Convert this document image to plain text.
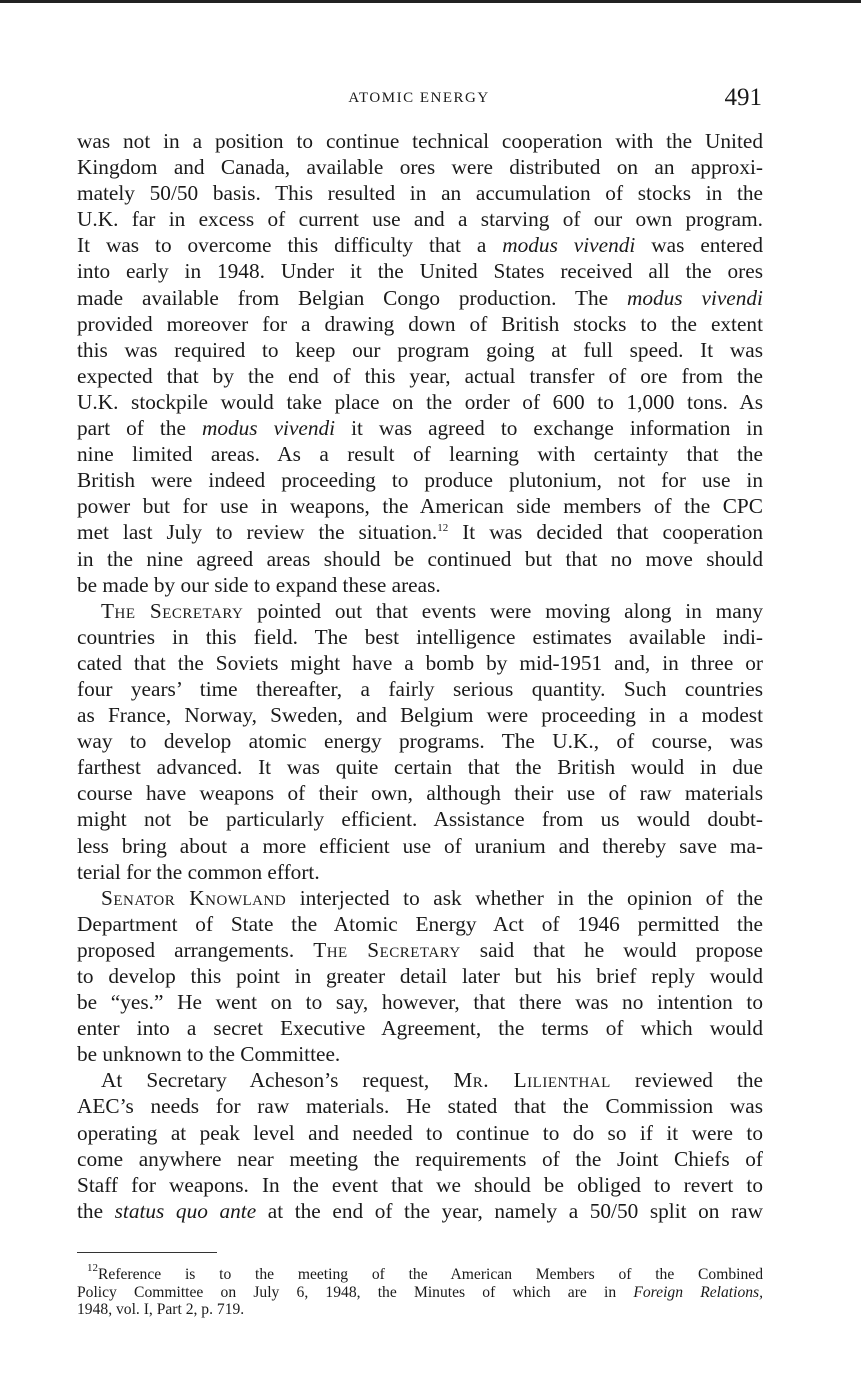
ATOMIC ENERGY	491

was not in a position to continue technical cooperation with the United
Kingdom and Canada, available ores were distributed on an approxi-
mately 50/50 basis. This resulted in an accumulation of stocks in the
U.K. far in excess of current use and a starving of our own program.
It was to overcome this difficulty that a modus vivendi was entered
into early in 1948. Under it the United States received all the ores
made available from Belgian Congo production. The modus vivendi
provided moreover for a drawing down of British stocks to the extent
this was required to keep our program going at full speed. It was
expected that by the end of this year, actual transfer of ore from the
U.K. stockpile would take place on the order of 600 to 1,000 tons. As
part of the modus vivendi it was agreed to exchange information in
nine limited areas. As a result of learning with certainty that the
British were indeed proceeding to produce plutonium, not for use in
power but for use in weapons, the American side members of the CPC
met last July to review the situation.$^{12}$ It was decided that cooperation
in the nine agreed areas should be continued but that no move should
be made by our side to expand these areas.

The Secretary pointed out that events were moving along in many
countries in this field. The best intelligence estimates available indi-
cated that the Soviets might have a bomb by mid-1951 and, in three or
four years’ time thereafter, a fairly serious quantity. Such countries
as France, Norway, Sweden, and Belgium were proceeding in a modest
way to develop atomic energy programs. The U.K., of course, was
farthest advanced. It was quite certain that the British would in due
course have weapons of their own, although their use of raw materials
might not be particularly efficient. Assistance from us would doubt-
less bring about a more efficient use of uranium and thereby save ma-
terial for the common effort.

Senator Knowland interjected to ask whether in the opinion of the
Department of State the Atomic Energy Act of 1946 permitted the
proposed arrangements. The Secretary said that he would propose
to develop this point in greater detail later but his brief reply would
be “yes.” He went on to say, however, that there was no intention to
enter into a secret Executive Agreement, the terms of which would
be unknown to the Committee.

At Secretary Acheson’s request, Mr. Lilienthal reviewed the
AEC’s needs for raw materials. He stated that the Commission was
operating at peak level and needed to continue to do so if it were to
come anywhere near meeting the requirements of the Joint Chiefs of
Staff for weapons. In the event that we should be obliged to revert to
the status quo ante at the end of the year, namely a 50/50 split on raw

$^{12}$Reference is to the meeting of the American Members of the Combined
Policy Committee on July 6, 1948, the Minutes of which are in Foreign Relations,
1948, vol. I, Part 2, p. 719.
